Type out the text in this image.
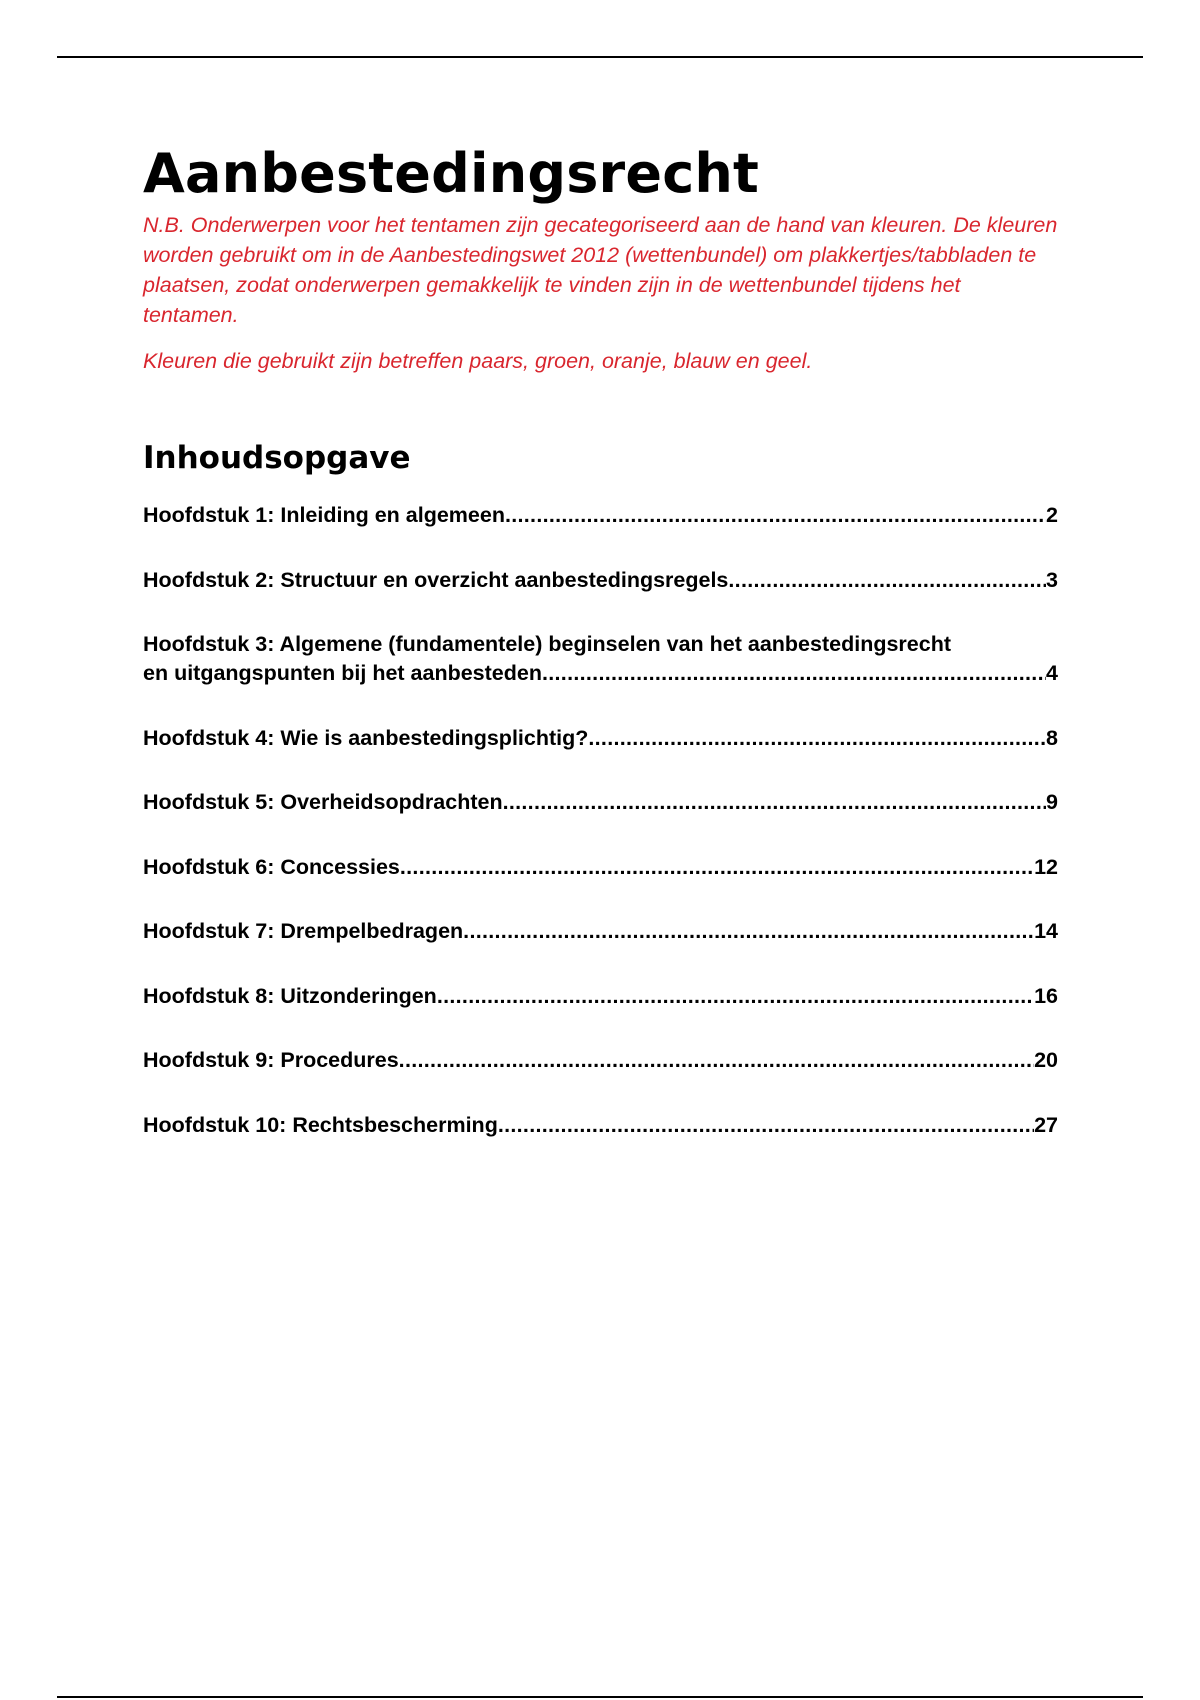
Aanbestedingsrecht

N.B. Onderwerpen voor het tentamen zijn gecategoriseerd aan de hand van kleuren. De kleuren worden gebruikt om in de Aanbestedingswet 2012 (wettenbundel) om plakkertjes/tabbladen te plaatsen, zodat onderwerpen gemakkelijk te vinden zijn in de wettenbundel tijdens het tentamen.

Kleuren die gebruikt zijn betreffen paars, groen, oranje, blauw en geel.

Inhoudsopgave
Hoofdstuk 1: Inleiding en algemeen .....	2
Hoofdstuk 2: Structuur en overzicht aanbestedingsregels .....	3
Hoofdstuk 3: Algemene (fundamentele) beginselen van het aanbestedingsrecht
en uitgangspunten bij het aanbesteden .....	4
Hoofdstuk 4: Wie is aanbestedingsplichtig? .....	8
Hoofdstuk 5: Overheidsopdrachten .....	9
Hoofdstuk 6: Concessies .....	12
Hoofdstuk 7: Drempelbedragen .....	14
Hoofdstuk 8: Uitzonderingen .....	16
Hoofdstuk 9: Procedures .....	20
Hoofdstuk 10: Rechtsbescherming .....	27
